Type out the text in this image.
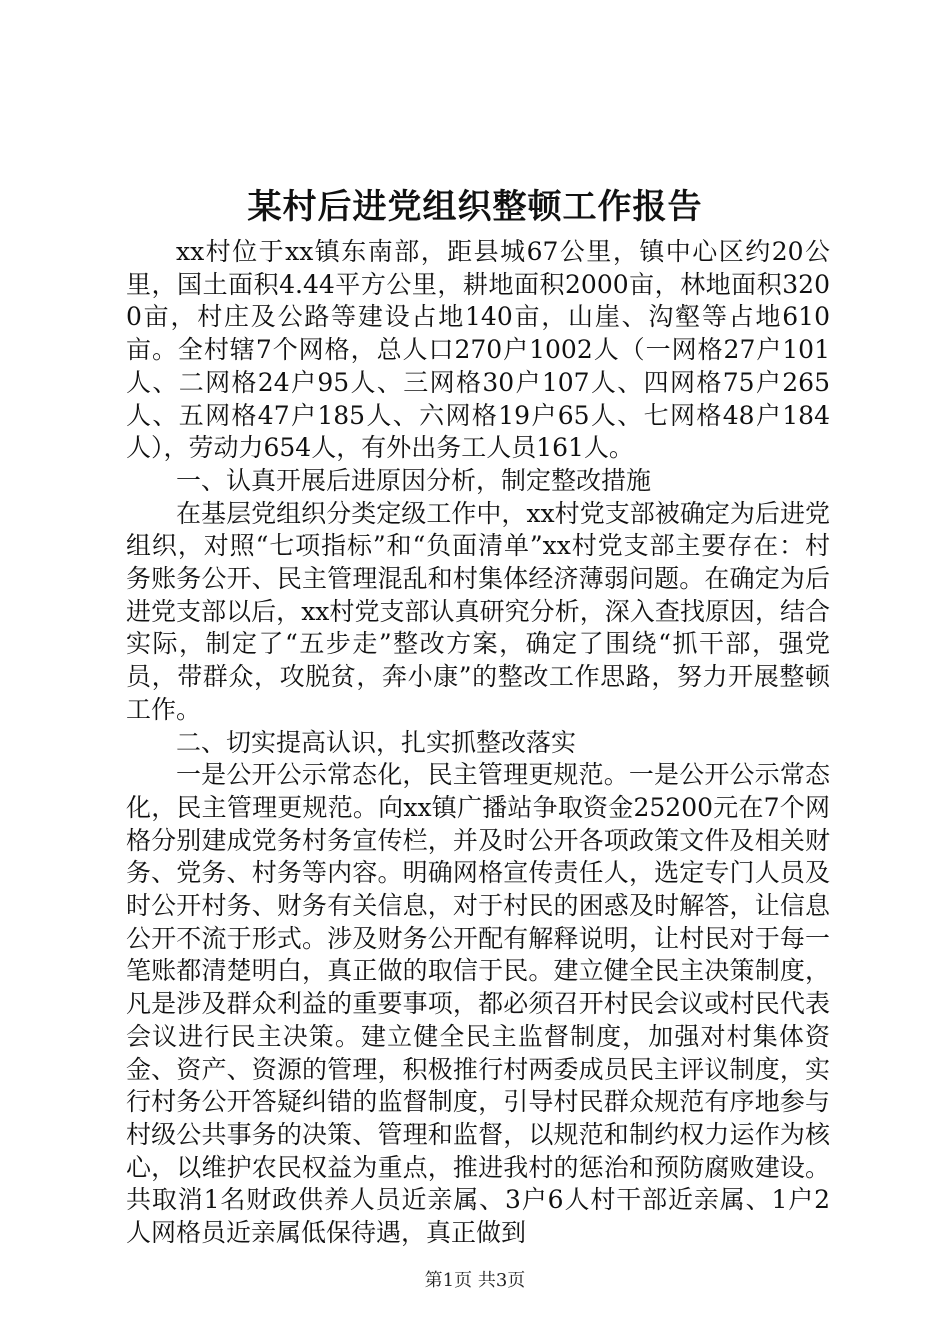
某村后进党组织整顿工作报告

xx村位于xx镇东南部，距县城67公里，镇中心区约20公里，国土面积4.44平方公里，耕地面积2000亩，林地面积3200亩，村庄及公路等建设占地140亩，山崖、沟壑等占地610亩。全村辖7个网格，总人口270户1002人（一网格27户101人、二网格24户95人、三网格30户107人、四网格75户265人、五网格47户185人、六网格19户65人、七网格48户184人），劳动力654人，有外出务工人员161人。

一、认真开展后进原因分析，制定整改措施

在基层党组织分类定级工作中，xx村党支部被确定为后进党组织，对照“七项指标”和“负面清单”xx村党支部主要存在：村务账务公开、民主管理混乱和村集体经济薄弱问题。在确定为后进党支部以后，xx村党支部认真研究分析，深入查找原因，结合实际，制定了“五步走”整改方案，确定了围绕“抓干部，强党员，带群众，攻脱贫，奔小康”的整改工作思路，努力开展整顿工作。

二、切实提高认识，扎实抓整改落实

一是公开公示常态化，民主管理更规范。一是公开公示常态化，民主管理更规范。向xx镇广播站争取资金25200元在7个网格分别建成党务村务宣传栏，并及时公开各项政策文件及相关财务、党务、村务等内容。明确网格宣传责任人，选定专门人员及时公开村务、财务有关信息，对于村民的困惑及时解答，让信息公开不流于形式。涉及财务公开配有解释说明，让村民对于每一笔账都清楚明白，真正做的取信于民。建立健全民主决策制度，凡是涉及群众利益的重要事项，都必须召开村民会议或村民代表会议进行民主决策。建立健全民主监督制度，加强对村集体资金、资产、资源的管理，积极推行村两委成员民主评议制度，实行村务公开答疑纠错的监督制度，引导村民群众规范有序地参与村级公共事务的决策、管理和监督，以规范和制约权力运作为核心，以维护农民权益为重点，推进我村的惩治和预防腐败建设。共取消1名财政供养人员近亲属、3户6人村干部近亲属、1户2人网格员近亲属低保待遇，真正做到

第1页 共3页
